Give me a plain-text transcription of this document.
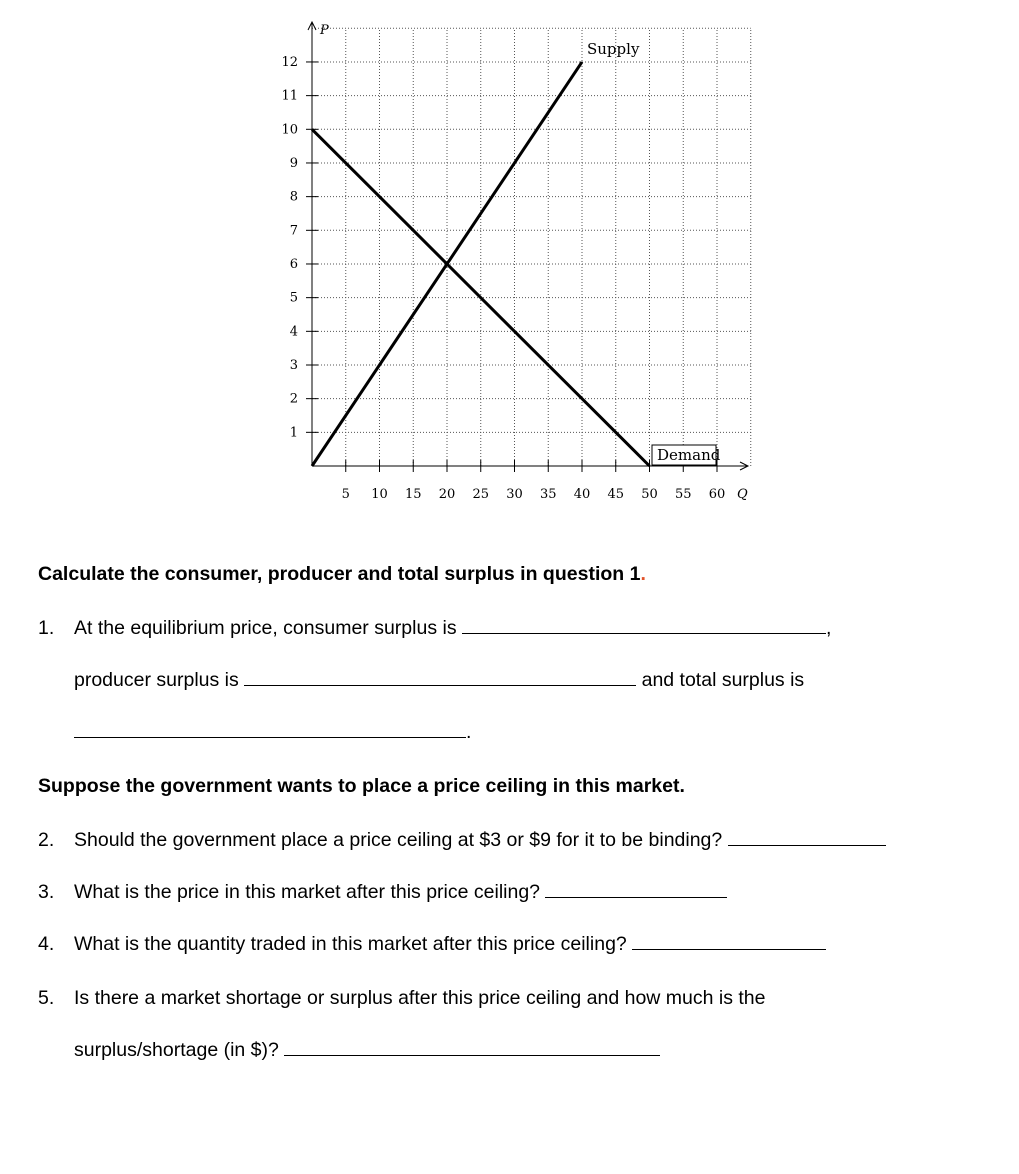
5 10 15 20 25 30 35 40 45 50 55 60
1
2
3
4
5
6
7
8
9
10
11
12
P
Q
Supply
Demand
Calculate the consumer, producer and total surplus in question 1.
1. At the equilibrium price, consumer surplus is	,
producer surplus is	and total surplus is
.
Suppose the government wants to place a price ceiling in this market.
2. Should the government place a price ceiling at $3 or $9 for it to be binding?
3. What is the price in this market after this price ceiling?
4. What is the quantity traded in this market after this price ceiling?
5. Is there a market shortage or surplus after this price ceiling and how much is the
surplus/shortage (in $)?
